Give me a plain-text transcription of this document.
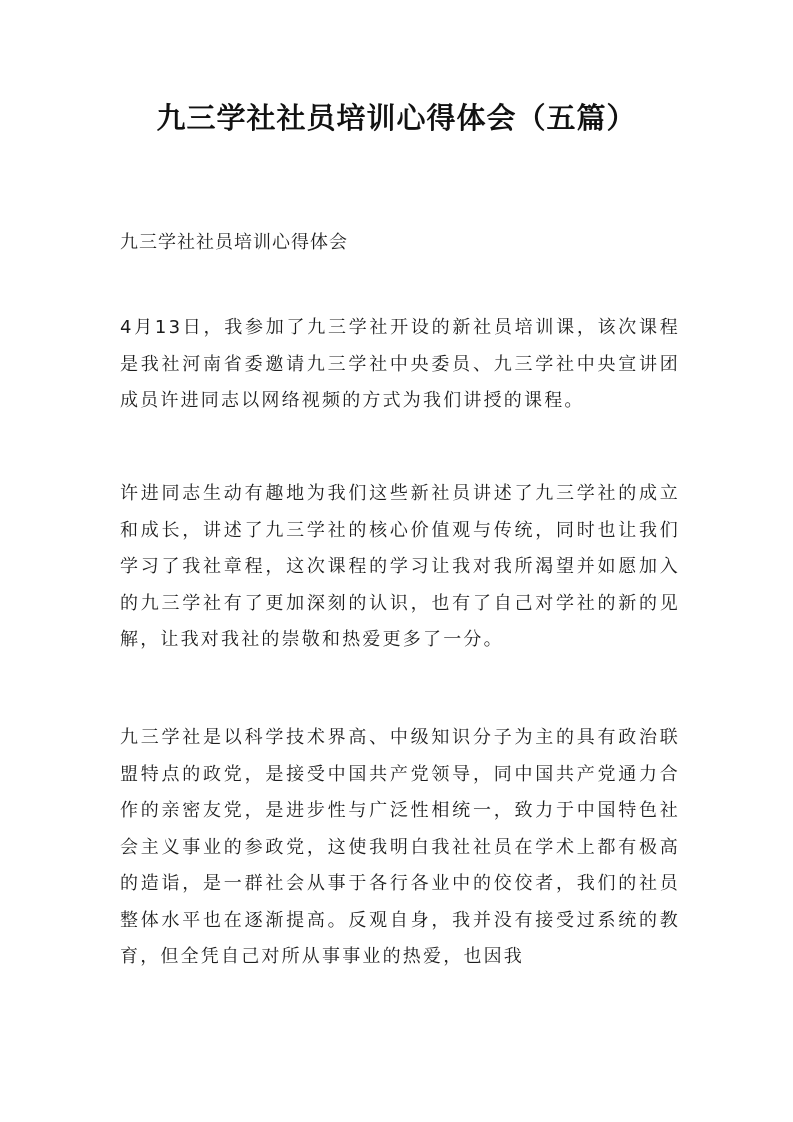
九三学社社员培训心得体会（五篇）
九三学社社员培训心得体会

4月13日，我参加了九三学社开设的新社员培训课，该次课程是我社河南省委邀请九三学社中央委员、九三学社中央宣讲团成员许进同志以网络视频的方式为我们讲授的课程。

许进同志生动有趣地为我们这些新社员讲述了九三学社的成立和成长，讲述了九三学社的核心价值观与传统，同时也让我们学习了我社章程，这次课程的学习让我对我所渴望并如愿加入的九三学社有了更加深刻的认识，也有了自己对学社的新的见解，让我对我社的崇敬和热爱更多了一分。

九三学社是以科学技术界高、中级知识分子为主的具有政治联盟特点的政党，是接受中国共产党领导，同中国共产党通力合作的亲密友党，是进步性与广泛性相统一，致力于中国特色社会主义事业的参政党，这使我明白我社社员在学术上都有极高的造诣，是一群社会从事于各行各业中的佼佼者，我们的社员整体水平也在逐渐提高。反观自身，我并没有接受过系统的教育，但全凭自己对所从事事业的热爱，也因我
